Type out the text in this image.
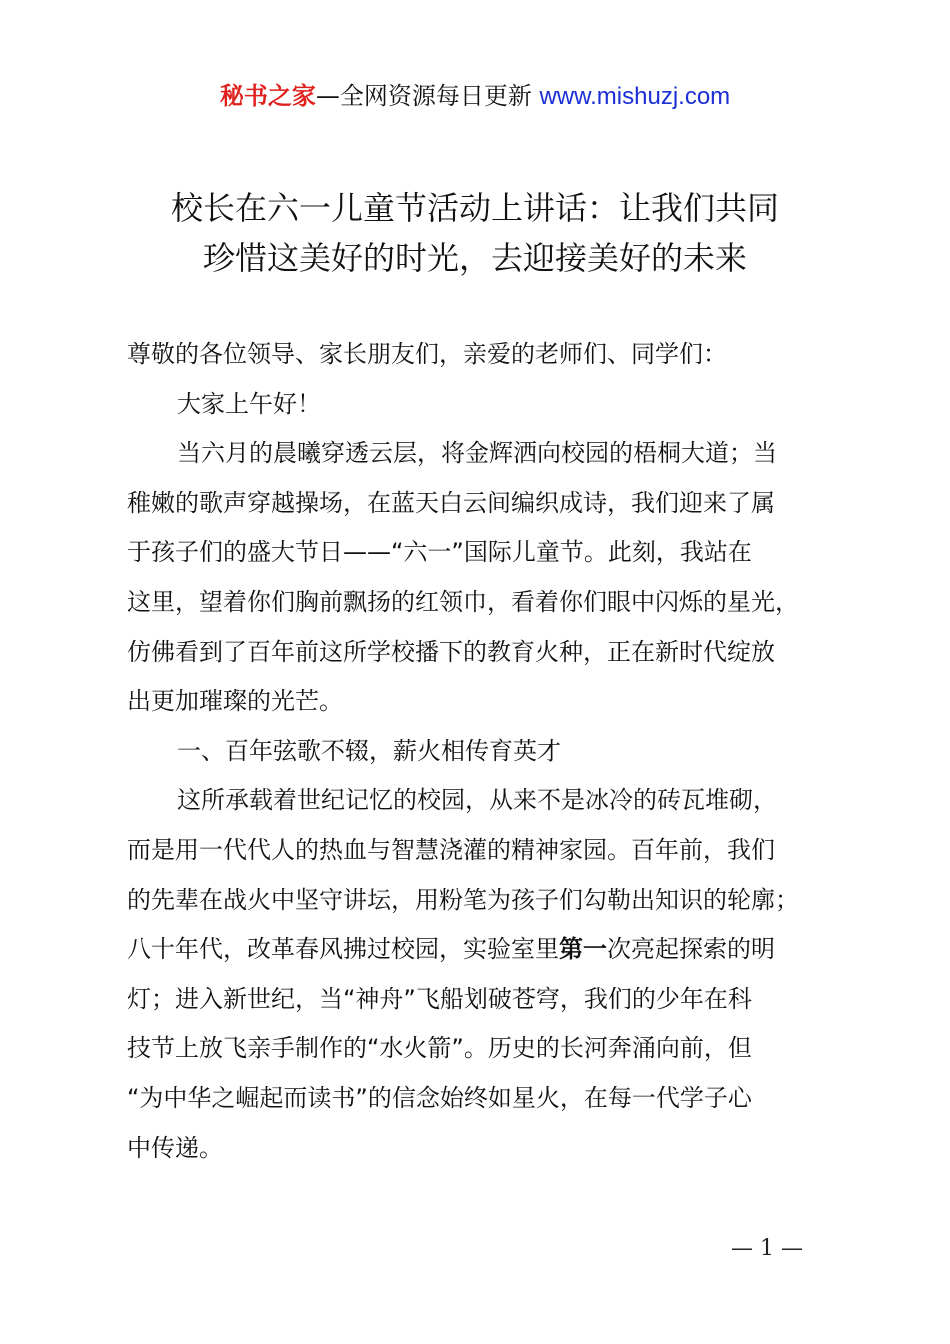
秘书之家—全网资源每日更新 www.mishuzj.com
校长在六一儿童节活动上讲话：让我们共同
珍惜这美好的时光，去迎接美好的未来
尊敬的各位领导、家长朋友们，亲爱的老师们、同学们：
大家上午好！
当六月的晨曦穿透云层，将金辉洒向校园的梧桐大道；当
稚嫩的歌声穿越操场，在蓝天白云间编织成诗，我们迎来了属
于孩子们的盛大节日——“六一”国际儿童节。此刻，我站在
这里，望着你们胸前飘扬的红领巾，看着你们眼中闪烁的星光，
仿佛看到了百年前这所学校播下的教育火种，正在新时代绽放
出更加璀璨的光芒。
一、百年弦歌不辍，薪火相传育英才
这所承载着世纪记忆的校园，从来不是冰冷的砖瓦堆砌，
而是用一代代人的热血与智慧浇灌的精神家园。百年前，我们
的先辈在战火中坚守讲坛，用粉笔为孩子们勾勒出知识的轮廓；
八十年代，改革春风拂过校园，实验室里第一次亮起探索的明
灯；进入新世纪，当“神舟”飞船划破苍穹，我们的少年在科
技节上放飞亲手制作的“水火箭”。历史的长河奔涌向前，但
“为中华之崛起而读书”的信念始终如星火，在每一代学子心
中传递。
— 1 —
